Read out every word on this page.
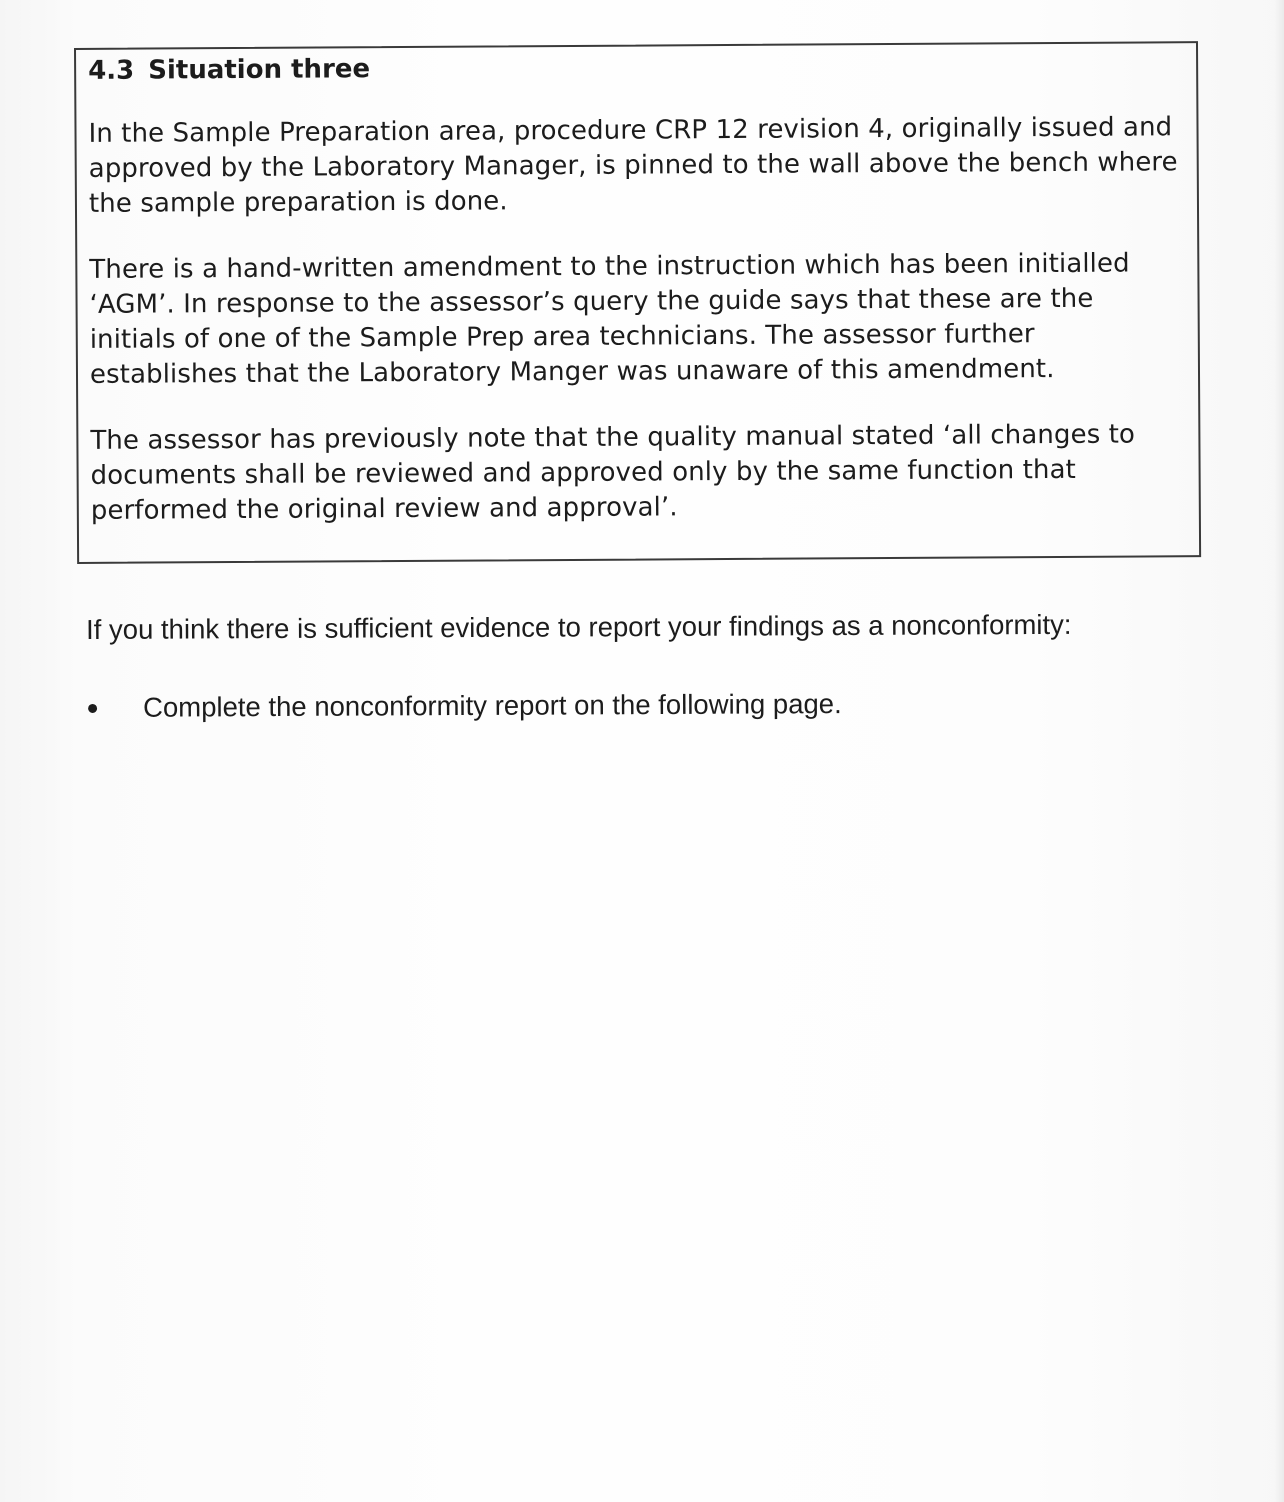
4.3 Situation three

In the Sample Preparation area, procedure CRP 12 revision 4, originally issued and approved by the Laboratory Manager, is pinned to the wall above the bench where the sample preparation is done.

There is a hand-written amendment to the instruction which has been initialled ‘AGM’. In response to the assessor’s query the guide says that these are the initials of one of the Sample Prep area technicians. The assessor further establishes that the Laboratory Manger was unaware of this amendment.

The assessor has previously note that the quality manual stated ‘all changes to documents shall be reviewed and approved only by the same function that performed the original review and approval’.

If you think there is sufficient evidence to report your findings as a nonconformity:

Complete the nonconformity report on the following page.
